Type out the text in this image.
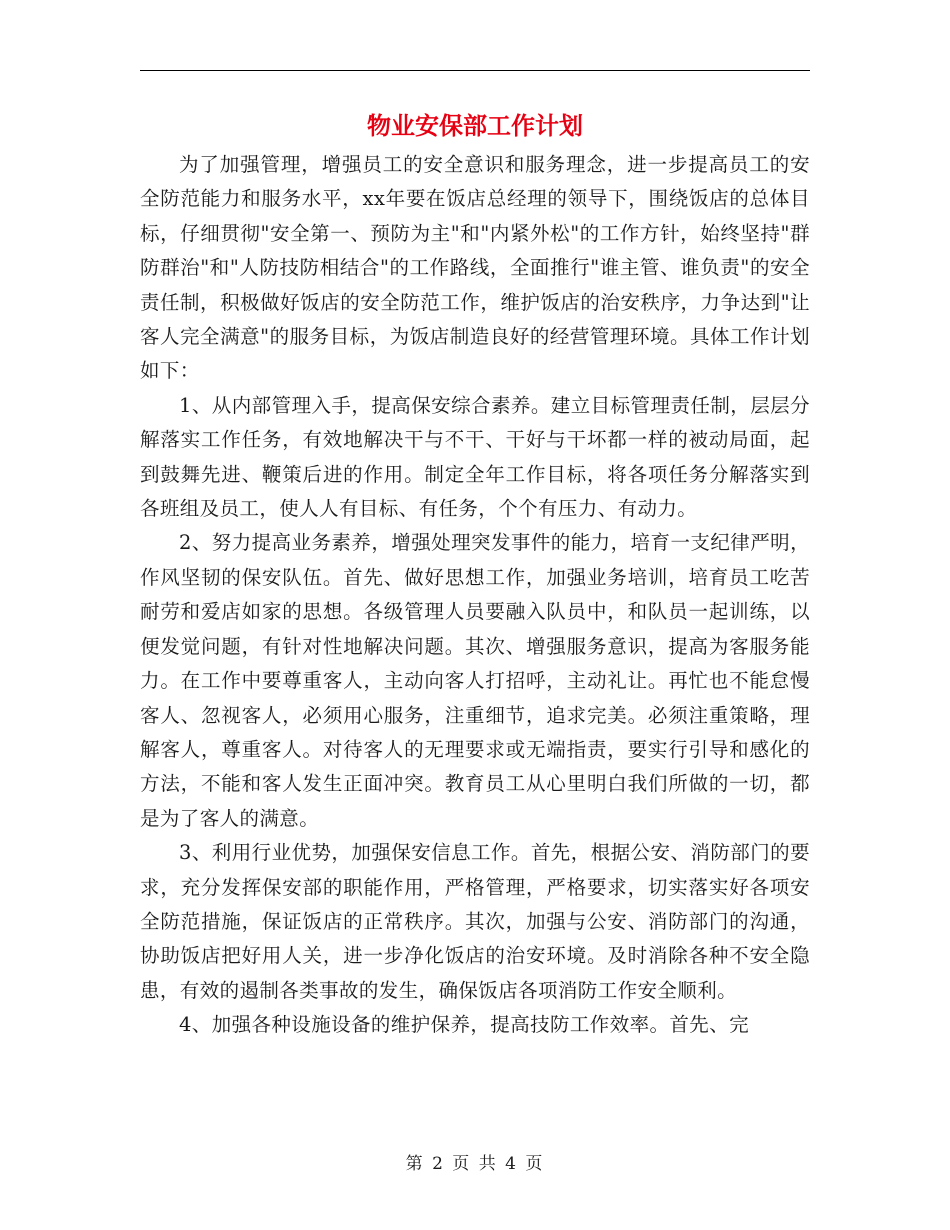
物业安保部工作计划

为了加强管理，增强员工的安全意识和服务理念，进一步提高员工的安全防范能力和服务水平，xx年要在饭店总经理的领导下，围绕饭店的总体目标，仔细贯彻"安全第一、预防为主"和"内紧外松"的工作方针，始终坚持"群防群治"和"人防技防相结合"的工作路线，全面推行"谁主管、谁负责"的安全责任制，积极做好饭店的安全防范工作，维护饭店的治安秩序，力争达到"让客人完全满意"的服务目标，为饭店制造良好的经营管理环境。具体工作计划如下：

1、从内部管理入手，提高保安综合素养。建立目标管理责任制，层层分解落实工作任务，有效地解决干与不干、干好与干坏都一样的被动局面，起到鼓舞先进、鞭策后进的作用。制定全年工作目标，将各项任务分解落实到各班组及员工，使人人有目标、有任务，个个有压力、有动力。

2、努力提高业务素养，增强处理突发事件的能力，培育一支纪律严明，作风坚韧的保安队伍。首先、做好思想工作，加强业务培训，培育员工吃苦耐劳和爱店如家的思想。各级管理人员要融入队员中，和队员一起训练，以便发觉问题，有针对性地解决问题。其次、增强服务意识，提高为客服务能力。在工作中要尊重客人，主动向客人打招呼，主动礼让。再忙也不能怠慢客人、忽视客人，必须用心服务，注重细节，追求完美。必须注重策略，理解客人，尊重客人。对待客人的无理要求或无端指责，要实行引导和感化的方法，不能和客人发生正面冲突。教育员工从心里明白我们所做的一切，都是为了客人的满意。

3、利用行业优势，加强保安信息工作。首先，根据公安、消防部门的要求，充分发挥保安部的职能作用，严格管理，严格要求，切实落实好各项安全防范措施，保证饭店的正常秩序。其次，加强与公安、消防部门的沟通，协助饭店把好用人关，进一步净化饭店的治安环境。及时消除各种不安全隐患，有效的遏制各类事故的发生，确保饭店各项消防工作安全顺利。

4、加强各种设施设备的维护保养，提高技防工作效率。首先、完

第 2 页 共 4 页
